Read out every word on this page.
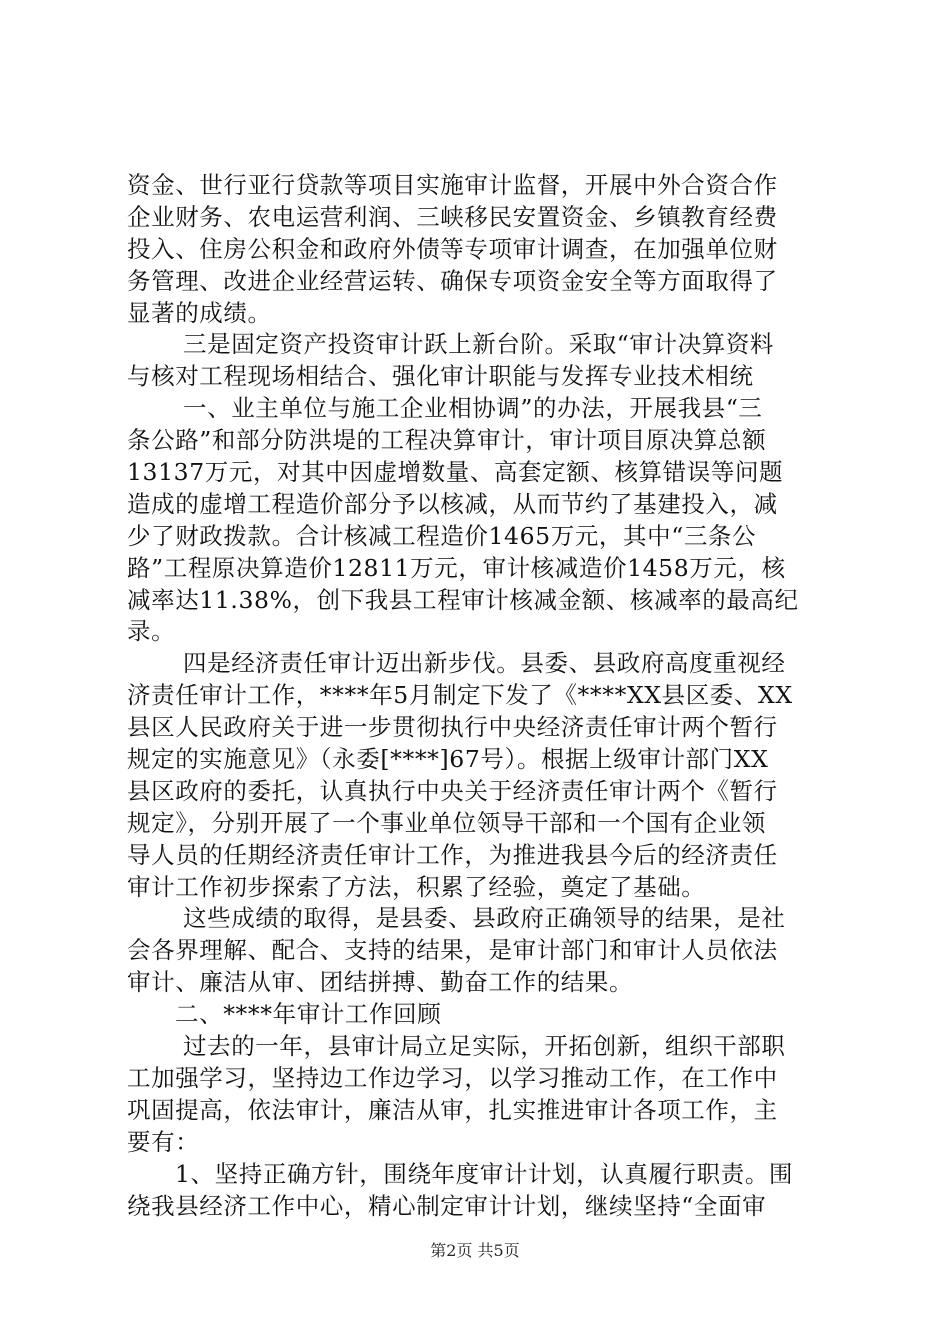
资金、世行亚行贷款等项目实施审计监督，开展中外合资合作
企业财务、农电运营利润、三峡移民安置资金、乡镇教育经费
投入、住房公积金和政府外债等专项审计调查，在加强单位财
务管理、改进企业经营运转、确保专项资金安全等方面取得了
显著的成绩。
三是固定资产投资审计跃上新台阶。采取“审计决算资料
与核对工程现场相结合、强化审计职能与发挥专业技术相统
一、业主单位与施工企业相协调”的办法，开展我县“三
条公路”和部分防洪堤的工程决算审计，审计项目原决算总额
13137万元，对其中因虚增数量、高套定额、核算错误等问题
造成的虚增工程造价部分予以核减，从而节约了基建投入，减
少了财政拨款。合计核减工程造价1465万元，其中“三条公
路”工程原决算造价12811万元，审计核减造价1458万元，核
减率达11.38%，创下我县工程审计核减金额、核减率的最高纪
录。
四是经济责任审计迈出新步伐。县委、县政府高度重视经
济责任审计工作，****年5月制定下发了《****XX县区委、XX
县区人民政府关于进一步贯彻执行中央经济责任审计两个暂行
规定的实施意见》（永委[****]67号）。根据上级审计部门XX
县区政府的委托，认真执行中央关于经济责任审计两个《暂行
规定》，分别开展了一个事业单位领导干部和一个国有企业领
导人员的任期经济责任审计工作，为推进我县今后的经济责任
审计工作初步探索了方法，积累了经验，奠定了基础。
这些成绩的取得，是县委、县政府正确领导的结果，是社
会各界理解、配合、支持的结果，是审计部门和审计人员依法
审计、廉洁从审、团结拼搏、勤奋工作的结果。
二、****年审计工作回顾
过去的一年，县审计局立足实际，开拓创新，组织干部职
工加强学习，坚持边工作边学习，以学习推动工作，在工作中
巩固提高，依法审计，廉洁从审，扎实推进审计各项工作，主
要有：
1、坚持正确方针，围绕年度审计计划，认真履行职责。围
绕我县经济工作中心，精心制定审计计划，继续坚持“全面审
第2页 共5页
